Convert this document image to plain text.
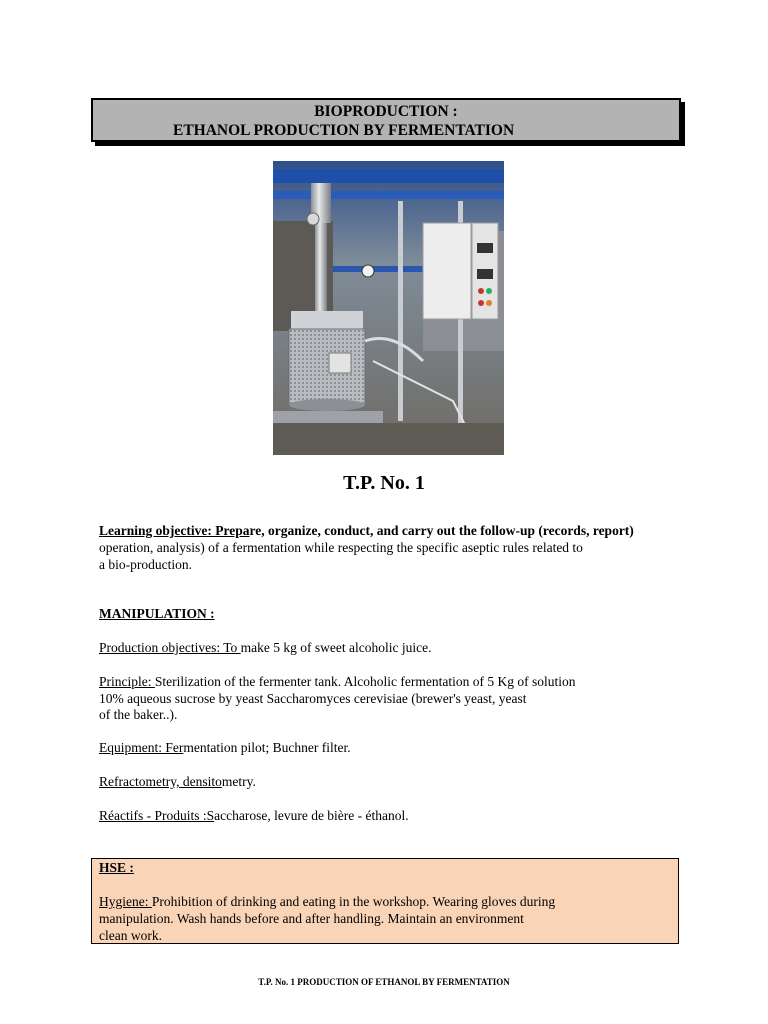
BIOPRODUCTION :
ETHANOL PRODUCTION BY FERMENTATION
T.P. No. 1
Learning objective: Prepare, organize, conduct, and carry out the follow-up (records, report)
operation, analysis) of a fermentation while respecting the specific aseptic rules related to
a bio-production.
MANIPULATION :
Production objectives: To make 5 kg of sweet alcoholic juice.
Principle: Sterilization of the fermenter tank. Alcoholic fermentation of 5 Kg of solution
10% aqueous sucrose by yeast Saccharomyces cerevisiae (brewer's yeast, yeast
of the baker..).
Equipment: Fermentation pilot; Buchner filter.
Refractometry, densitometry.
Réactifs - Produits :Saccharose, levure de bière - éthanol.
HSE :
Hygiene: Prohibition of drinking and eating in the workshop. Wearing gloves during
manipulation. Wash hands before and after handling. Maintain an environment
clean work.
T.P. No. 1 PRODUCTION OF ETHANOL BY FERMENTATION
